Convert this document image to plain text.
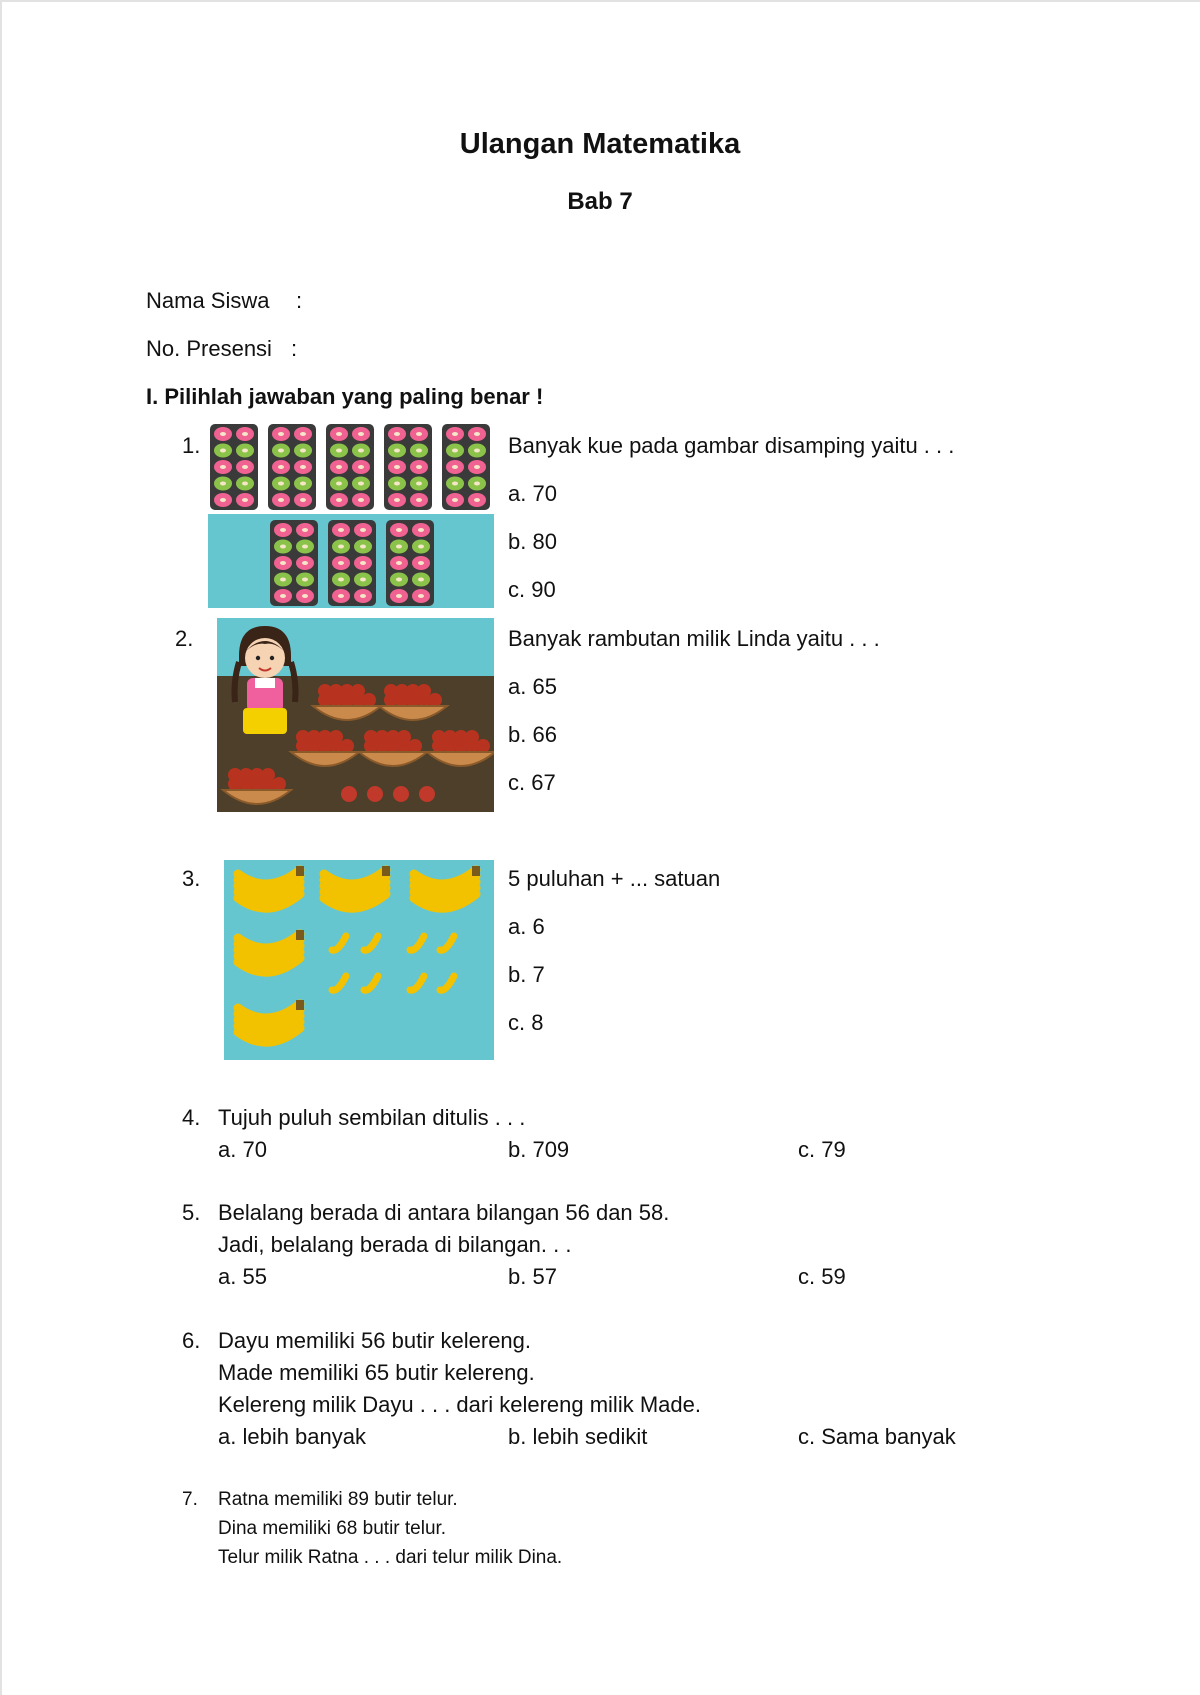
Ulangan Matematika
Bab 7
Nama Siswa :
No. Presensi :
I. Pilihlah jawaban yang paling benar !
1.	Banyak kue pada gambar disamping yaitu . . .
a. 70
b. 80
c. 90
2.	Banyak rambutan milik Linda yaitu . . .
a. 65
b. 66
c. 67
3.	5 puluhan + ... satuan
a. 6
b. 7
c. 8
4. Tujuh puluh sembilan ditulis . . .
a. 70	b. 709	c. 79
5. Belalang berada di antara bilangan 56 dan 58.
Jadi, belalang berada di bilangan. . .
a. 55	b. 57	c. 59
6. Dayu memiliki 56 butir kelereng.
Made memiliki 65 butir kelereng.
Kelereng milik Dayu . . . dari kelereng milik Made.
a. lebih banyak	b. lebih sedikit	c. Sama banyak
7. Ratna memiliki 89 butir telur.
Dina memiliki 68 butir telur.
Telur milik Ratna . . . dari telur milik Dina.
